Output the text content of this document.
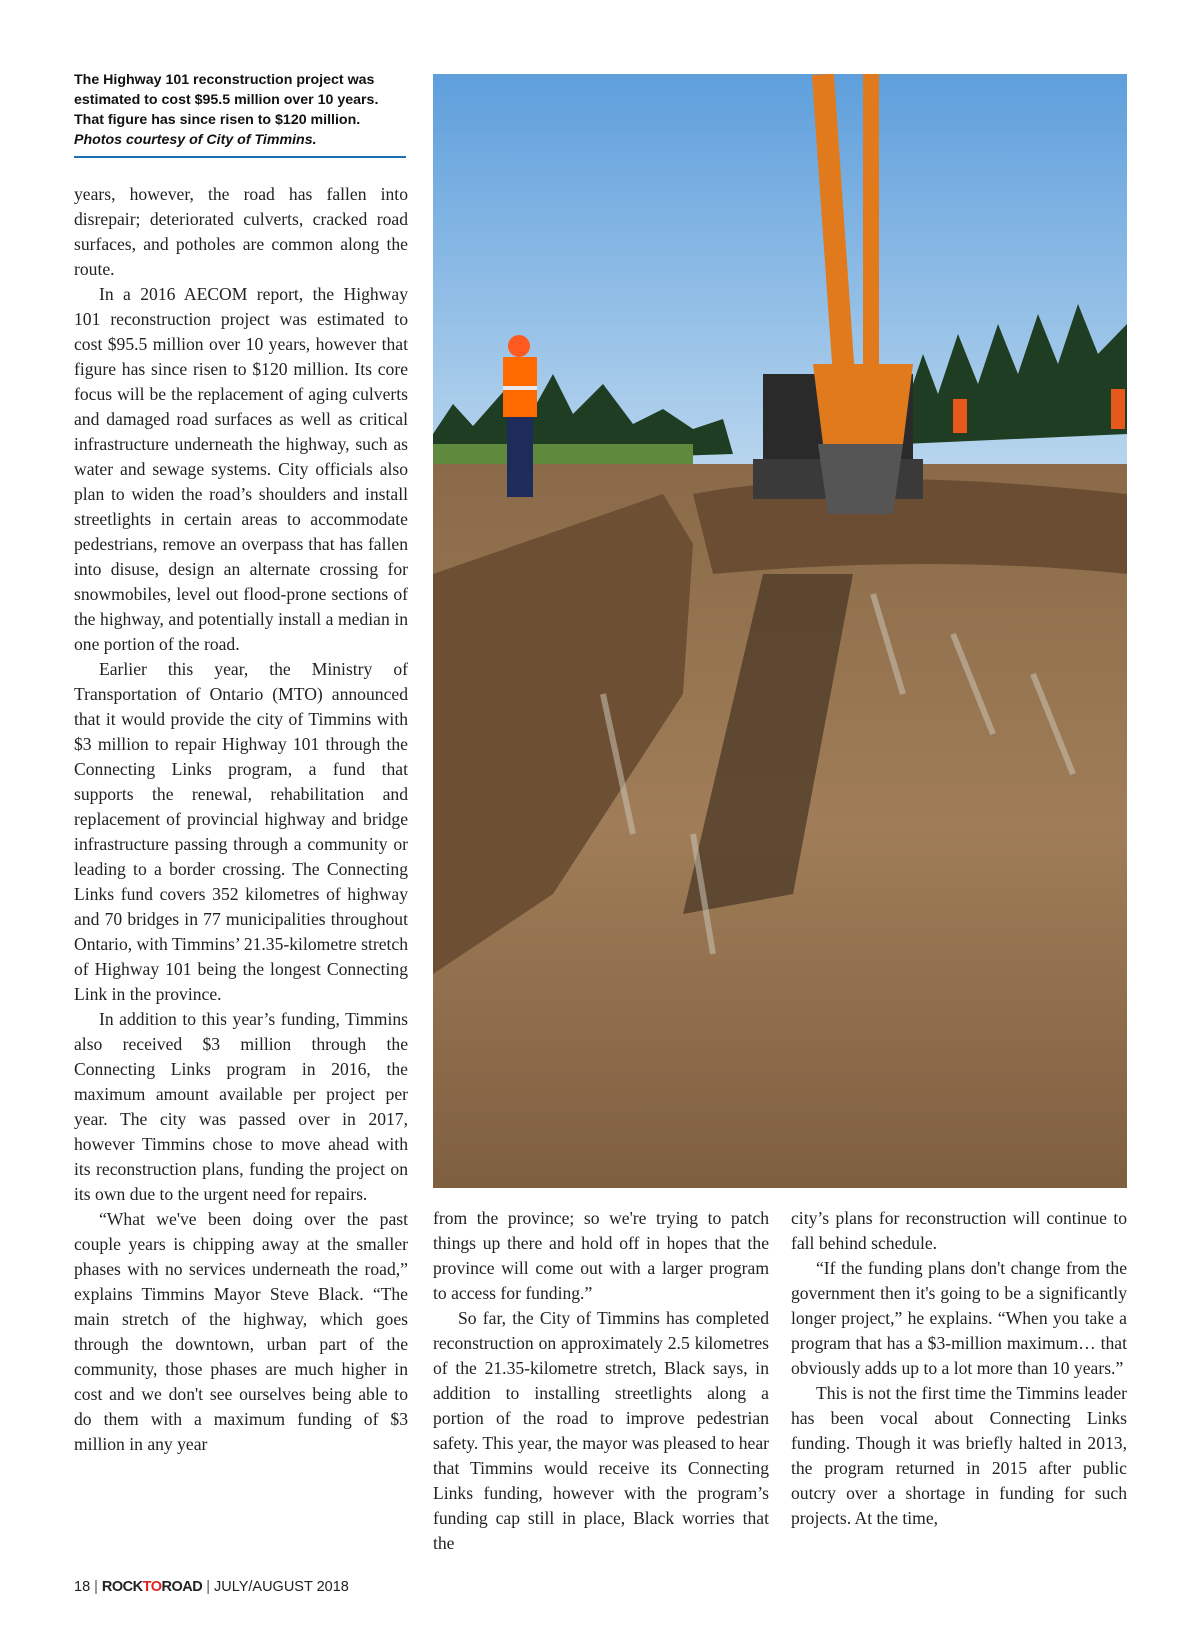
The Highway 101 reconstruction project was estimated to cost $95.5 million over 10 years. That figure has since risen to $120 million.
Photos courtesy of City of Timmins.

years, however, the road has fallen into disrepair; deteriorated culverts, cracked road surfaces, and potholes are common along the route.

In a 2016 AECOM report, the Highway 101 reconstruction project was estimated to cost $95.5 million over 10 years, however that figure has since risen to $120 million. Its core focus will be the replacement of aging culverts and damaged road surfaces as well as critical infrastructure underneath the highway, such as water and sewage systems. City officials also plan to widen the road’s shoulders and install streetlights in certain areas to accommodate pedestrians, remove an overpass that has fallen into disuse, design an alternate crossing for snowmobiles, level out flood-prone sections of the highway, and potentially install a median in one portion of the road.

Earlier this year, the Ministry of Transportation of Ontario (MTO) announced that it would provide the city of Timmins with $3 million to repair Highway 101 through the Connecting Links program, a fund that supports the renewal, rehabilitation and replacement of provincial highway and bridge infrastructure passing through a community or leading to a border crossing. The Connecting Links fund covers 352 kilometres of highway and 70 bridges in 77 municipalities throughout Ontario, with Timmins’ 21.35-kilometre stretch of Highway 101 being the longest Connecting Link in the province.

In addition to this year’s funding, Timmins also received $3 million through the Connecting Links program in 2016, the maximum amount available per project per year. The city was passed over in 2017, however Timmins chose to move ahead with its reconstruction plans, funding the project on its own due to the urgent need for repairs.

“What we've been doing over the past couple years is chipping away at the smaller phases with no services underneath the road,” explains Timmins Mayor Steve Black. “The main stretch of the highway, which goes through the downtown, urban part of the community, those phases are much higher in cost and we don't see ourselves being able to do them with a maximum funding of $3 million in any year

from the province; so we're trying to patch things up there and hold off in hopes that the province will come out with a larger program to access for funding.”

So far, the City of Timmins has completed reconstruction on approximately 2.5 kilometres of the 21.35-kilometre stretch, Black says, in addition to installing streetlights along a portion of the road to improve pedestrian safety. This year, the mayor was pleased to hear that Timmins would receive its Connecting Links funding, however with the program’s funding cap still in place, Black worries that the

city’s plans for reconstruction will continue to fall behind schedule.

“If the funding plans don't change from the government then it's going to be a significantly longer project,” he explains. “When you take a program that has a $3-million maximum… that obviously adds up to a lot more than 10 years.”

This is not the first time the Timmins leader has been vocal about Connecting Links funding. Though it was briefly halted in 2013, the program returned in 2015 after public outcry over a shortage in funding for such projects. At the time,

18 | ROCKTOROAD | JULY/AUGUST 2018
